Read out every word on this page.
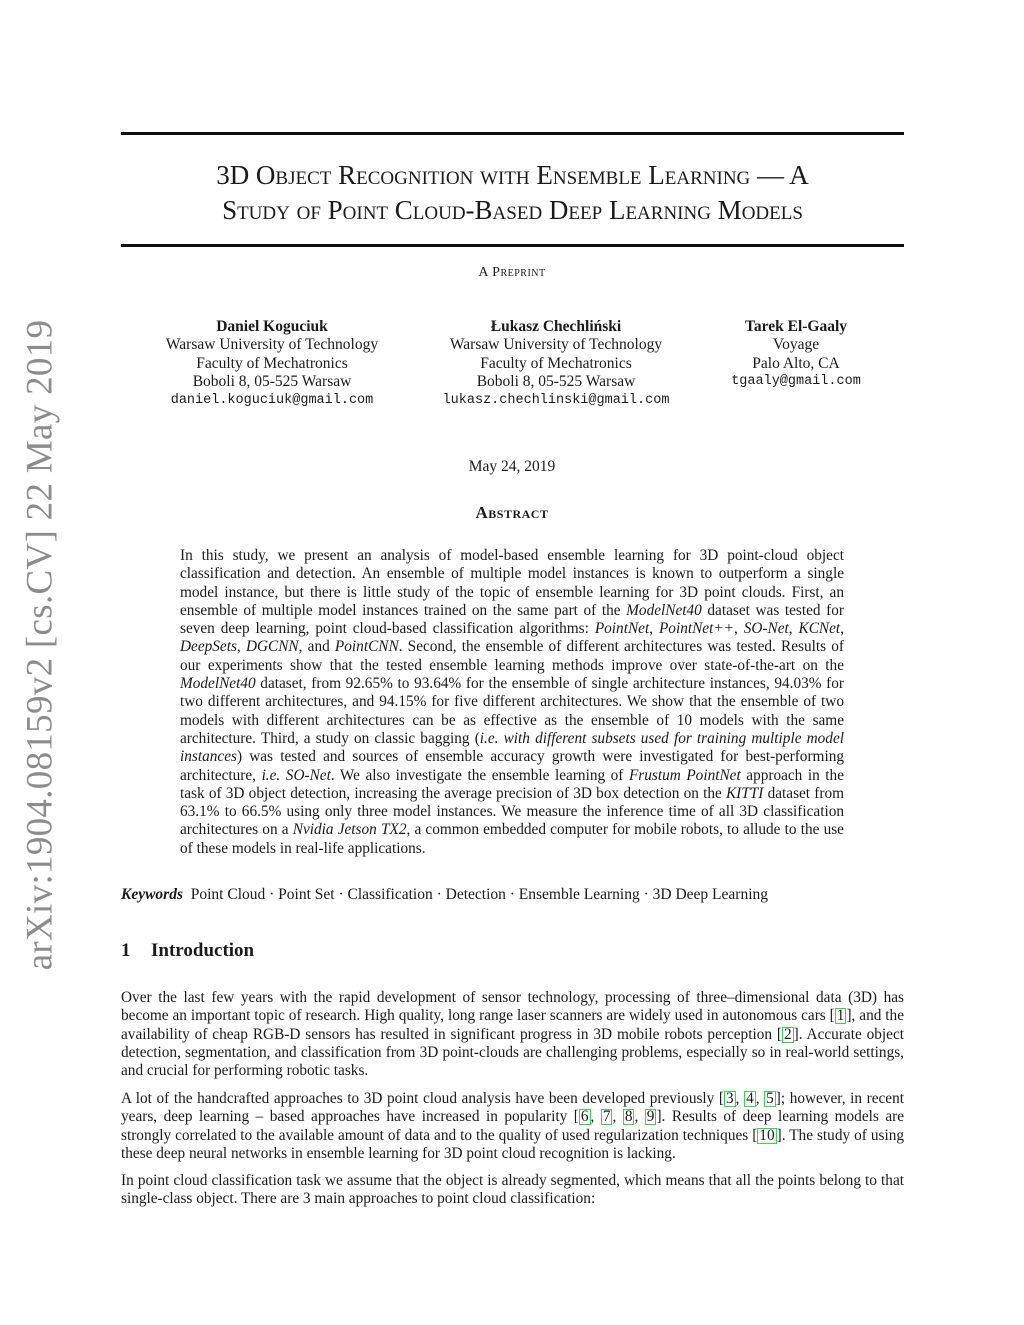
arXiv:1904.08159v2 [cs.CV] 22 May 2019
3D Object Recognition with Ensemble Learning — A
Study of Point Cloud-Based Deep Learning Models
A Preprint
Daniel Koguciuk
Warsaw University of Technology
Faculty of Mechatronics
Boboli 8, 05-525 Warsaw
daniel.koguciuk@gmail.com
Łukasz Chechliński
Warsaw University of Technology
Faculty of Mechatronics
Boboli 8, 05-525 Warsaw
lukasz.chechlinski@gmail.com
Tarek El-Gaaly
Voyage
Palo Alto, CA
tgaaly@gmail.com
May 24, 2019
Abstract

In this study, we present an analysis of model-based ensemble learning for 3D point-cloud object classification and detection. An ensemble of multiple model instances is known to outperform a single model instance, but there is little study of the topic of ensemble learning for 3D point clouds. First, an ensemble of multiple model instances trained on the same part of the ModelNet40 dataset was tested for seven deep learning, point cloud-based classification algorithms: PointNet, PointNet++, SO-Net, KCNet, DeepSets, DGCNN, and PointCNN. Second, the ensemble of different architectures was tested. Results of our experiments show that the tested ensemble learning methods improve over state-of-the-art on the ModelNet40 dataset, from 92.65% to 93.64% for the ensemble of single architecture instances, 94.03% for two different architectures, and 94.15% for five different architectures. We show that the ensemble of two models with different architectures can be as effective as the ensemble of 10 models with the same architecture. Third, a study on classic bagging (i.e. with different subsets used for training multiple model instances) was tested and sources of ensemble accuracy growth were investigated for best-performing architecture, i.e. SO-Net. We also investigate the ensemble learning of Frustum PointNet approach in the task of 3D object detection, increasing the average precision of 3D box detection on the KITTI dataset from 63.1% to 66.5% using only three model instances. We measure the inference time of all 3D classification architectures on a Nvidia Jetson TX2, a common embedded computer for mobile robots, to allude to the use of these models in real-life applications.

Keywords Point Cloud · Point Set · Classification · Detection · Ensemble Learning · 3D Deep Learning
1 Introduction

Over the last few years with the rapid development of sensor technology, processing of three–dimensional data (3D) has become an important topic of research. High quality, long range laser scanners are widely used in autonomous cars [ 1 ], and the availability of cheap RGB-D sensors has resulted in significant progress in 3D mobile robots perception [ 2 ]. Accurate object detection, segmentation, and classification from 3D point-clouds are challenging problems, especially so in real-world settings, and crucial for performing robotic tasks.

A lot of the handcrafted approaches to 3D point cloud analysis have been developed previously [ 3 , 4 , 5 ]; however, in recent years, deep learning – based approaches have increased in popularity [ 6 , 7 , 8 , 9 ]. Results of deep learning models are strongly correlated to the available amount of data and to the quality of used regularization techniques [ 10 ]. The study of using these deep neural networks in ensemble learning for 3D point cloud recognition is lacking.

In point cloud classification task we assume that the object is already segmented, which means that all the points belong to that single-class object. There are 3 main approaches to point cloud classification:
